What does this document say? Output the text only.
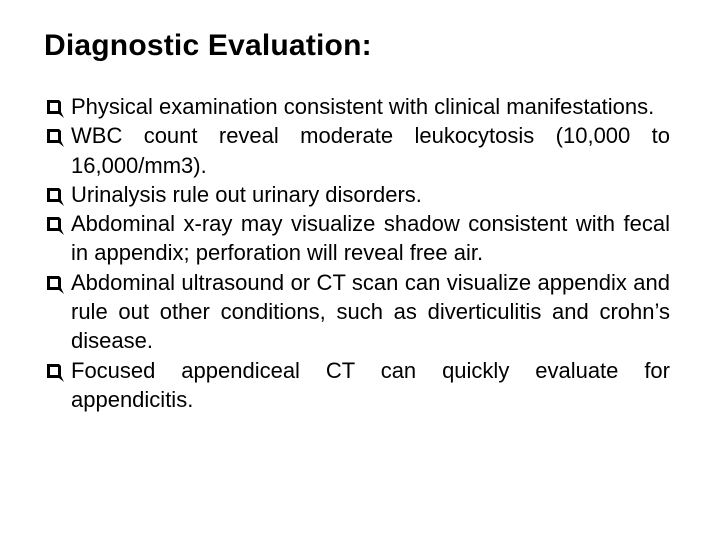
Diagnostic Evaluation:
Physical examination consistent with clinical manifestations.
WBC count reveal moderate leukocytosis (10,000 to 16,000/mm3).
Urinalysis rule out urinary disorders.
Abdominal x-ray may visualize shadow consistent with fecal in appendix; perforation will reveal free air.
Abdominal ultrasound or CT scan can visualize appendix and rule out other conditions, such as diverticulitis and crohn’s disease.
Focused appendiceal CT can quickly evaluate for appendicitis.
